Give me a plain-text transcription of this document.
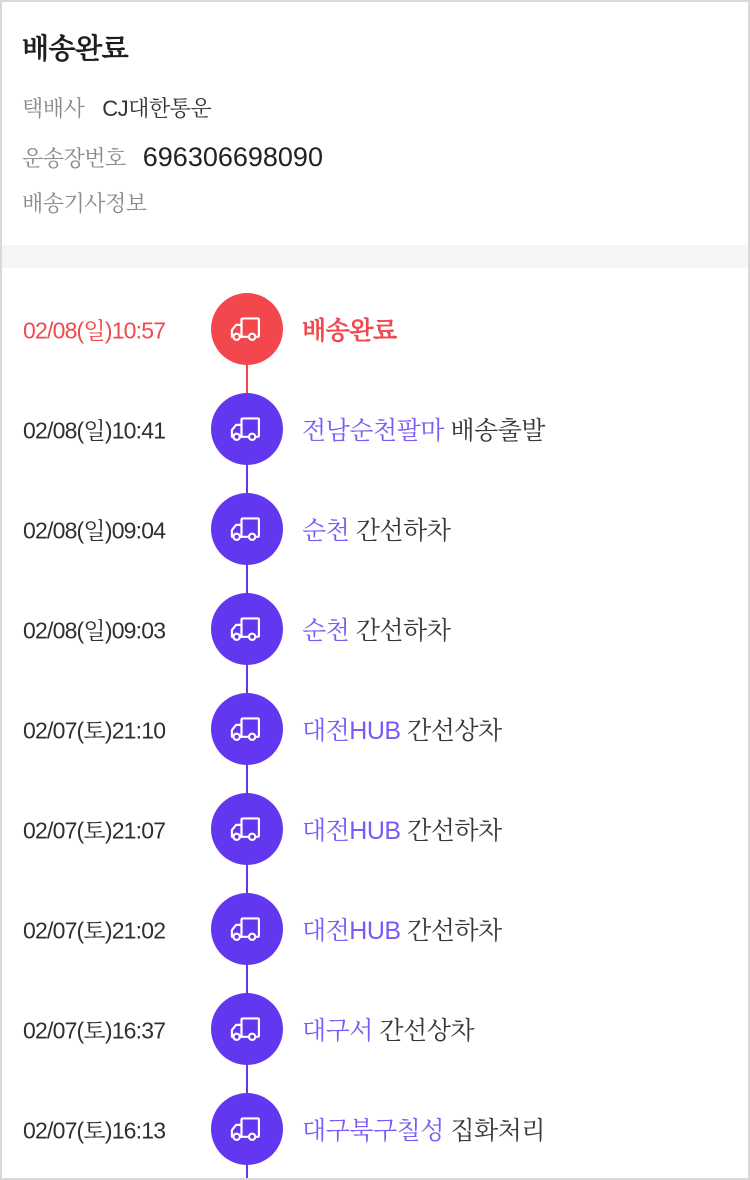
배송완료
택배사 CJ대한통운
운송장번호 696306698090
배송기사정보
02/08(일)10:57	배송완료
02/08(일)10:41	전남순천팔마 배송출발
02/08(일)09:04	순천 간선하차
02/08(일)09:03	순천 간선하차
02/07(토)21:10	대전HUB 간선상차
02/07(토)21:07	대전HUB 간선하차
02/07(토)21:02	대전HUB 간선하차
02/07(토)16:37	대구서 간선상차
02/07(토)16:13	대구북구칠성 집화처리
